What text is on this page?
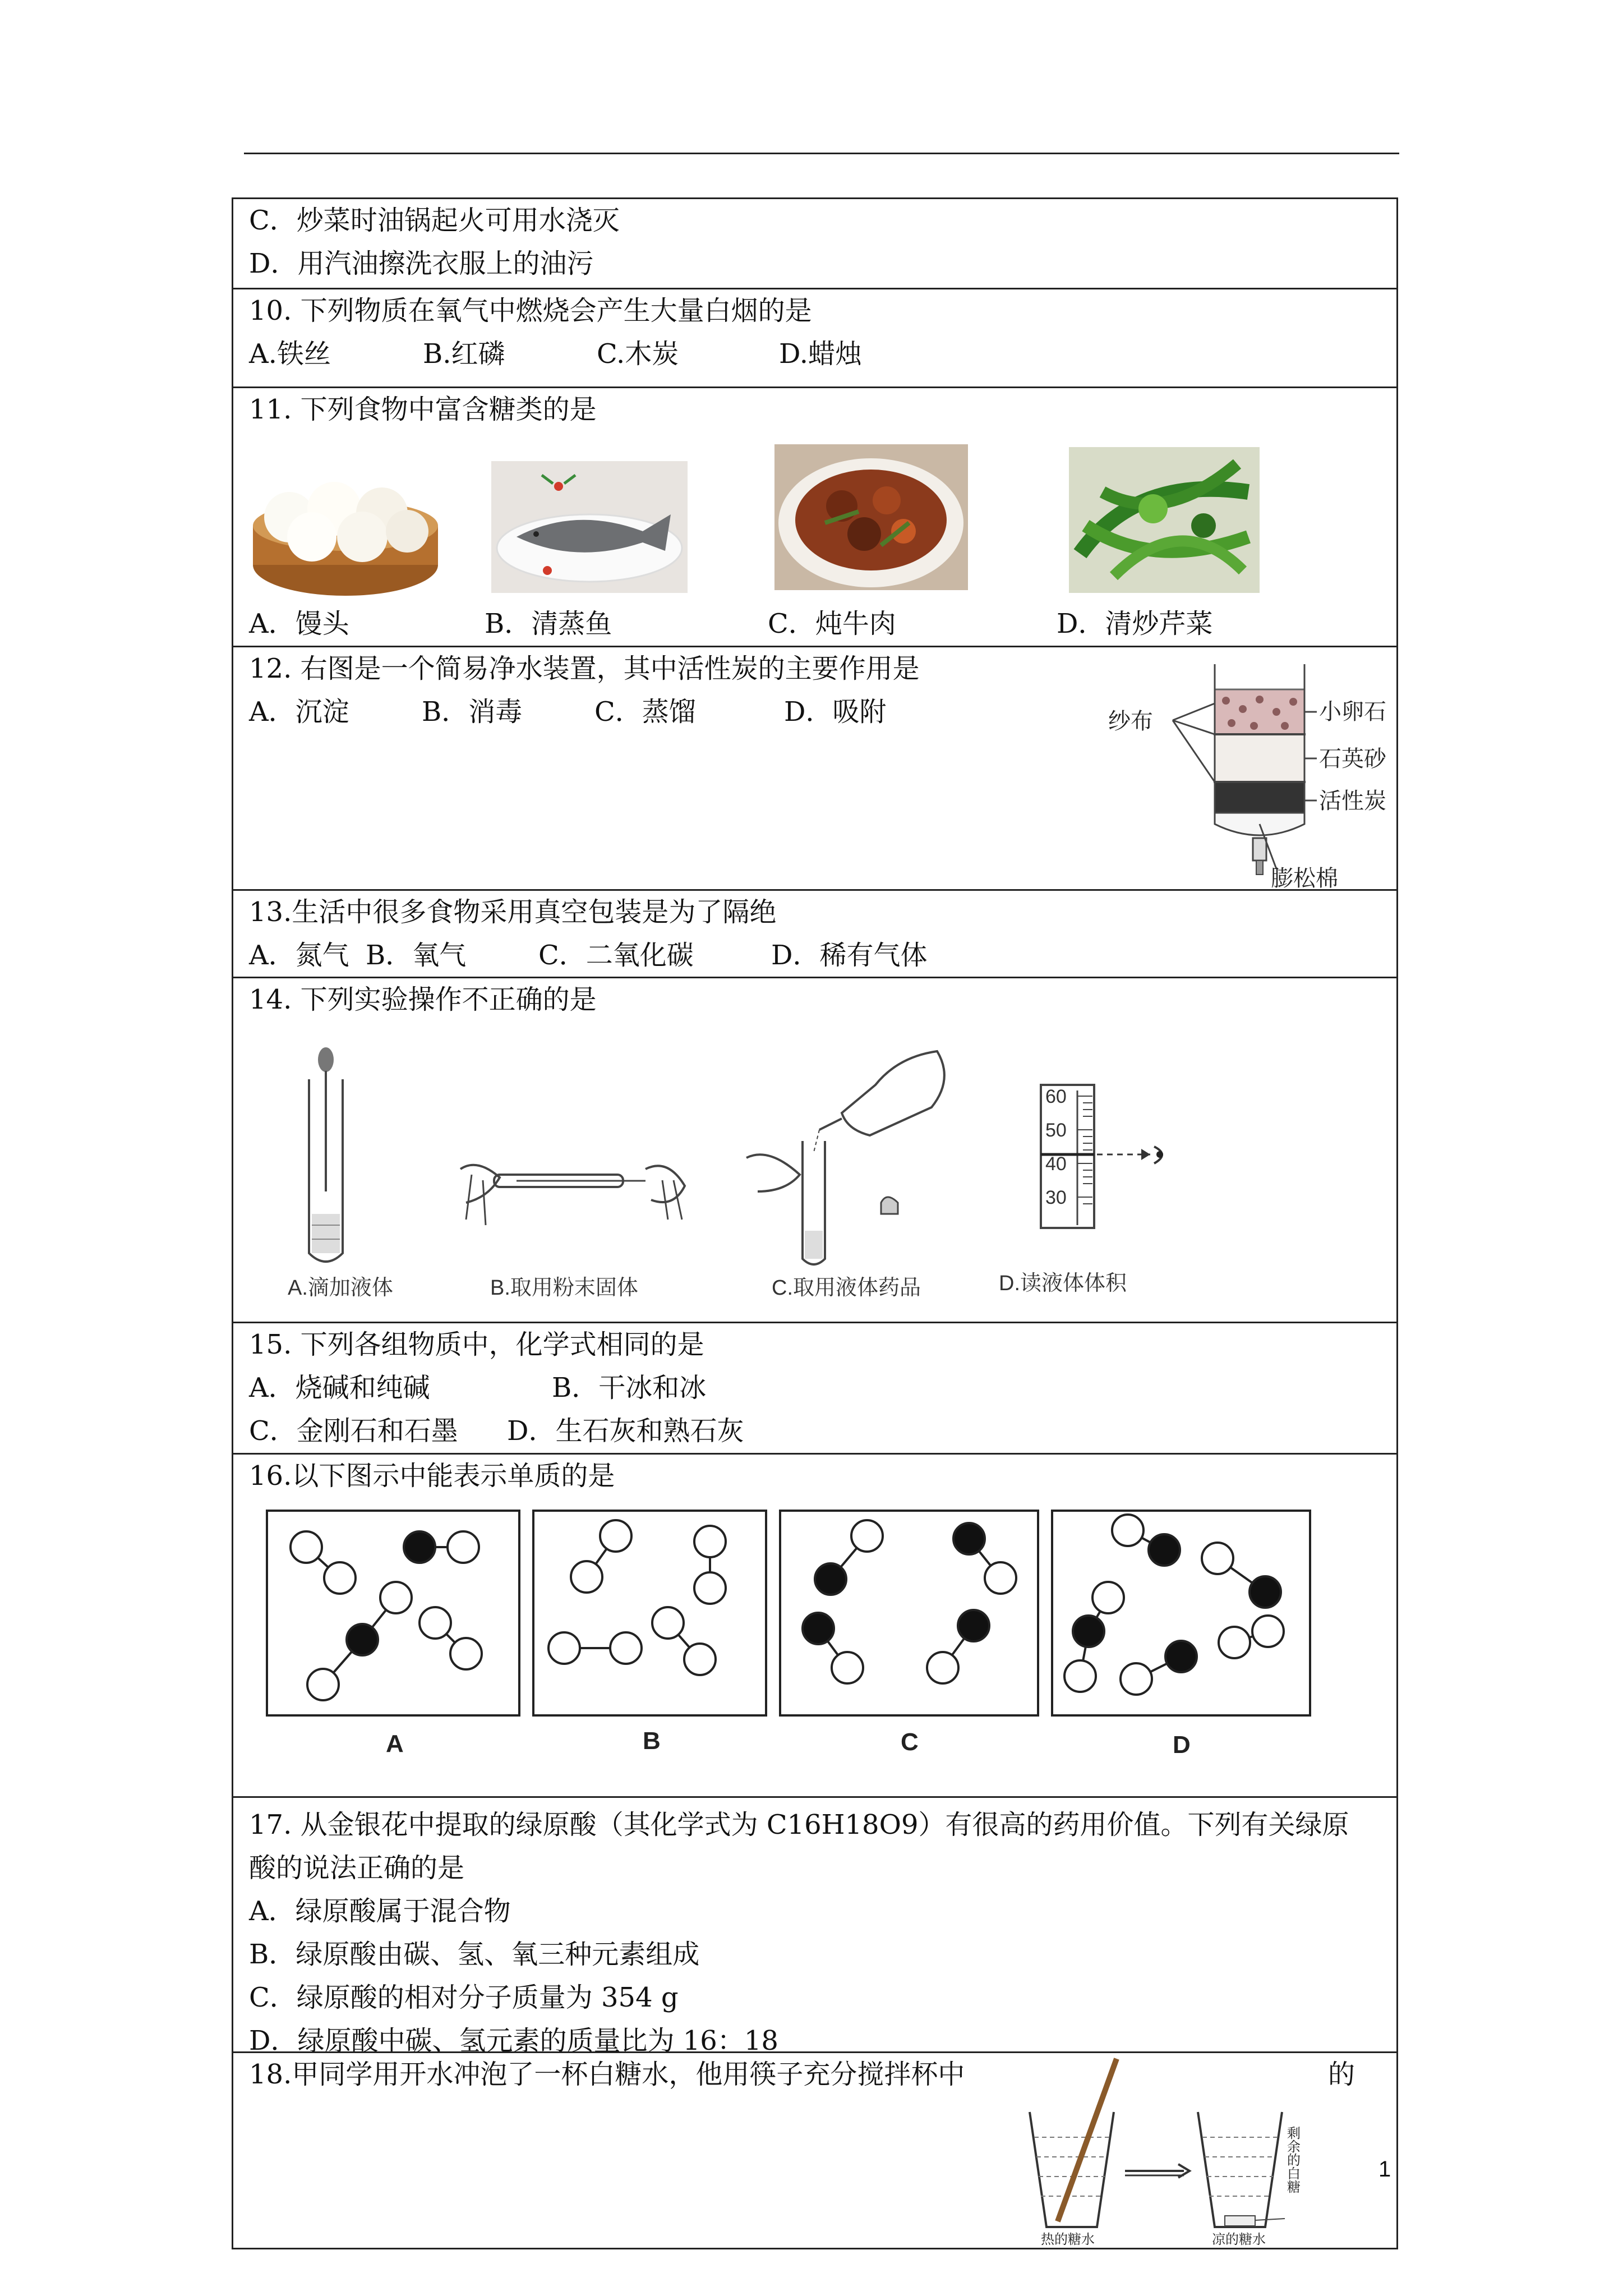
C．炒菜时油锅起火可用水浇灭
D．用汽油擦洗衣服上的油污
10. 下列物质在氧气中燃烧会产生大量白烟的是
A.铁丝	B.红磷	C.木炭	D.蜡烛
11. 下列食物中富含糖类的是
A．馒头	B．清蒸鱼	C．炖牛肉	D．清炒芹菜
12. 右图是一个简易净水装置，其中活性炭的主要作用是
A．沉淀	B．消毒	C．蒸馏	D．吸附	纱布	小卵石
石英砂
活性炭
膨松棉
13.生活中很多食物采用真空包装是为了隔绝
A．氮气 B．氧气	C．二氧化碳	D．稀有气体
14. 下列实验操作不正确的是
60
50
40
30
A.滴加液体	B.取用粉末固体	C.取用液体药品	D.读液体体积
15. 下列各组物质中，化学式相同的是
A．烧碱和纯碱	B．干冰和冰
C．金刚石和石墨	D．生石灰和熟石灰
16.以下图示中能表示单质的是
A	B	C	D
17. 从金银花中提取的绿原酸（其化学式为 C16H18O9）有很高的药用价值。下列有关绿原
酸的说法正确的是
A．绿原酸属于混合物
B．绿原酸由碳、氢、氧三种元素组成
C．绿原酸的相对分子质量为 354 g
D．绿原酸中碳、氢元素的质量比为 16：18
18.甲同学用开水冲泡了一杯白糖水，他用筷子充分搅拌杯中	的
热的糖水	凉的糖水
剩余的白糖	1
